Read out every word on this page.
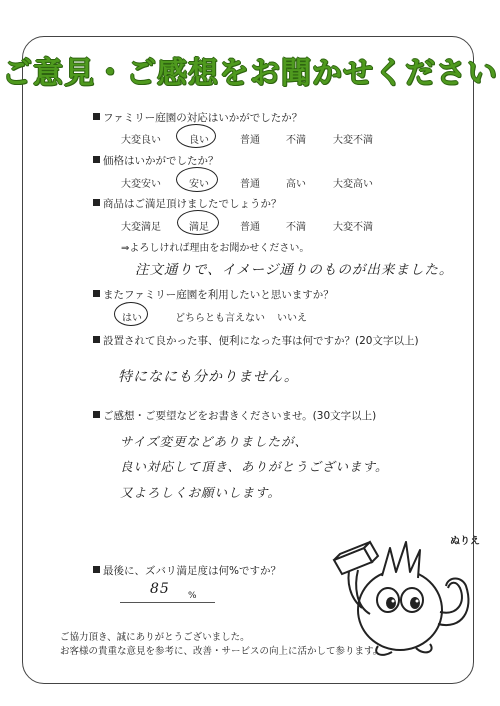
ご意見・ご感想をお聞かせください
ファミリー庭園の対応はいかがでしたか？
大変良い	良い	普通	不満	大変不満
価格はいかがでしたか？
大変安い	安い	普通	高い	大変高い
商品はご満足頂けましたでしょうか？
大変満足	満足	普通	不満	大変不満
⇒よろしければ理由をお聞かせください。
注文通りで、イメージ通りのものが出来ました。
またファミリー庭園を利用したいと思いますか？
はい	どちらとも言えない いいえ
設置されて良かった事、便利になった事は何ですか？(20文字以上)
特になにも分かりません。
ご感想・ご要望などをお書きくださいませ。(30文字以上)
サイズ変更などありましたが、
良い対応して頂き、ありがとうございます。
又よろしくお願いします。
最後に、ズバリ満足度は何%ですか？
85 %
ぬりえ
ご協力頂き、誠にありがとうございました。
お客様の貴重な意見を参考に、改善・サービスの向上に活かして参ります。
